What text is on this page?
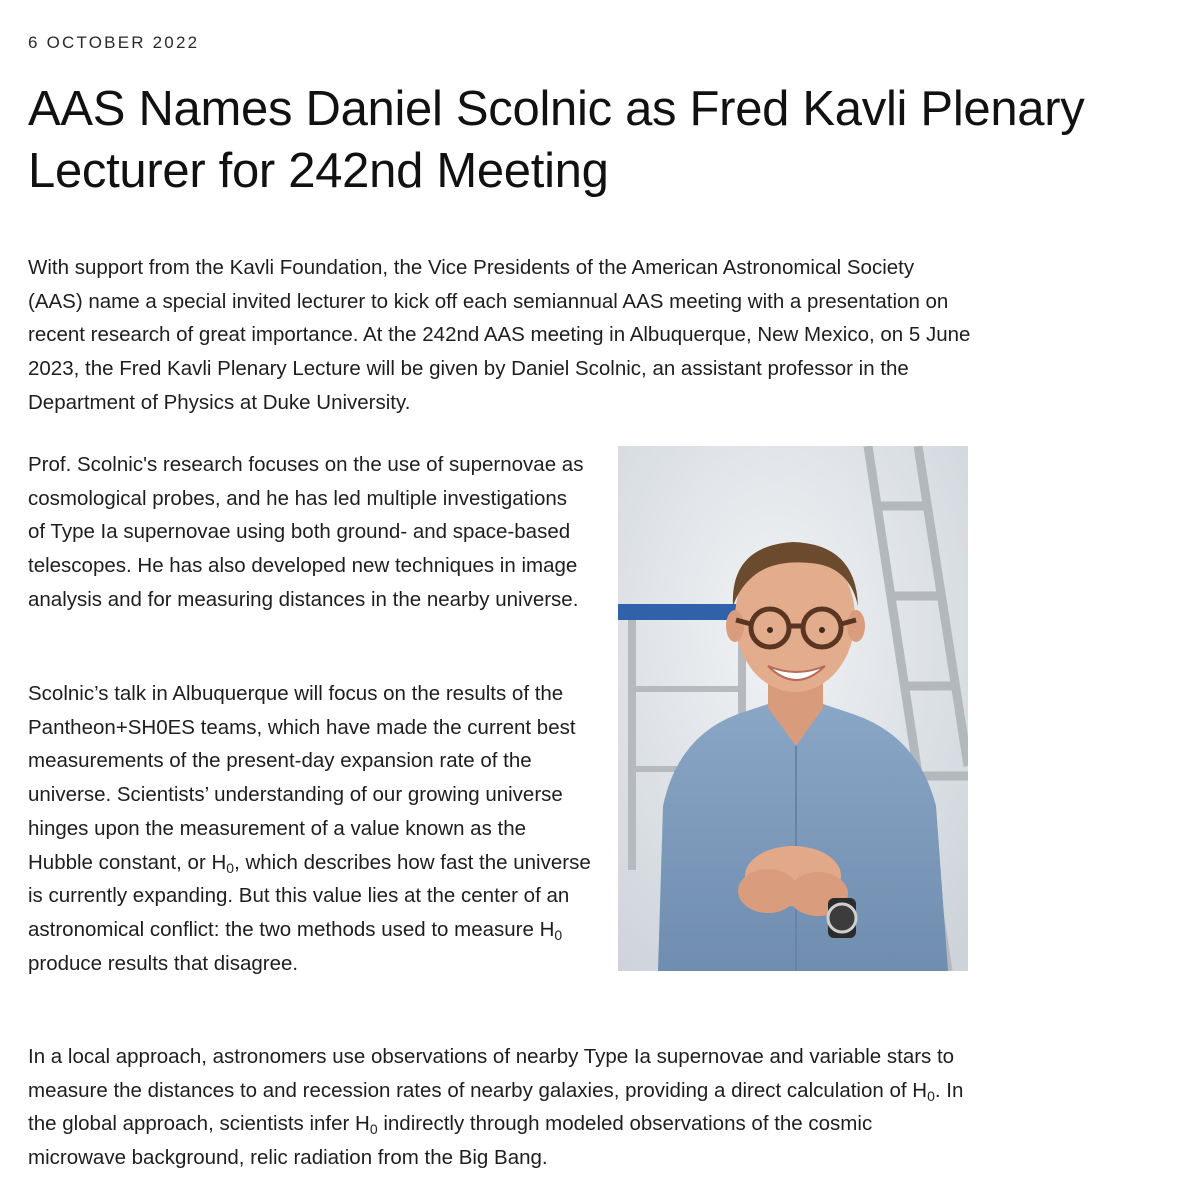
6 OCTOBER 2022
AAS Names Daniel Scolnic as Fred Kavli Plenary Lecturer for 242nd Meeting

With support from the Kavli Foundation, the Vice Presidents of the American Astronomical Society (AAS) name a special invited lecturer to kick off each semiannual AAS meeting with a presentation on recent research of great importance. At the 242nd AAS meeting in Albuquerque, New Mexico, on 5 June 2023, the Fred Kavli Plenary Lecture will be given by Daniel Scolnic, an assistant professor in the Department of Physics at Duke University.

Prof. Scolnic's research focuses on the use of supernovae as cosmological probes, and he has led multiple investigations of Type Ia supernovae using both ground- and space-based telescopes. He has also developed new techniques in image analysis and for measuring distances in the nearby universe.

Scolnic’s talk in Albuquerque will focus on the results of the Pantheon+SH0ES teams, which have made the current best measurements of the present-day expansion rate of the universe. Scientists’ understanding of our growing universe hinges upon the measurement of a value known as the Hubble constant, or $H_0$, which describes how fast the universe is currently expanding. But this value lies at the center of an astronomical conflict: the two methods used to measure $H_0$ produce results that disagree.

In a local approach, astronomers use observations of nearby Type Ia supernovae and variable stars to measure the distances to and recession rates of nearby galaxies, providing a direct calculation of $H_0$. In the global approach, scientists infer $H_0$ indirectly through modeled observations of the cosmic microwave background, relic radiation from the Big Bang.
